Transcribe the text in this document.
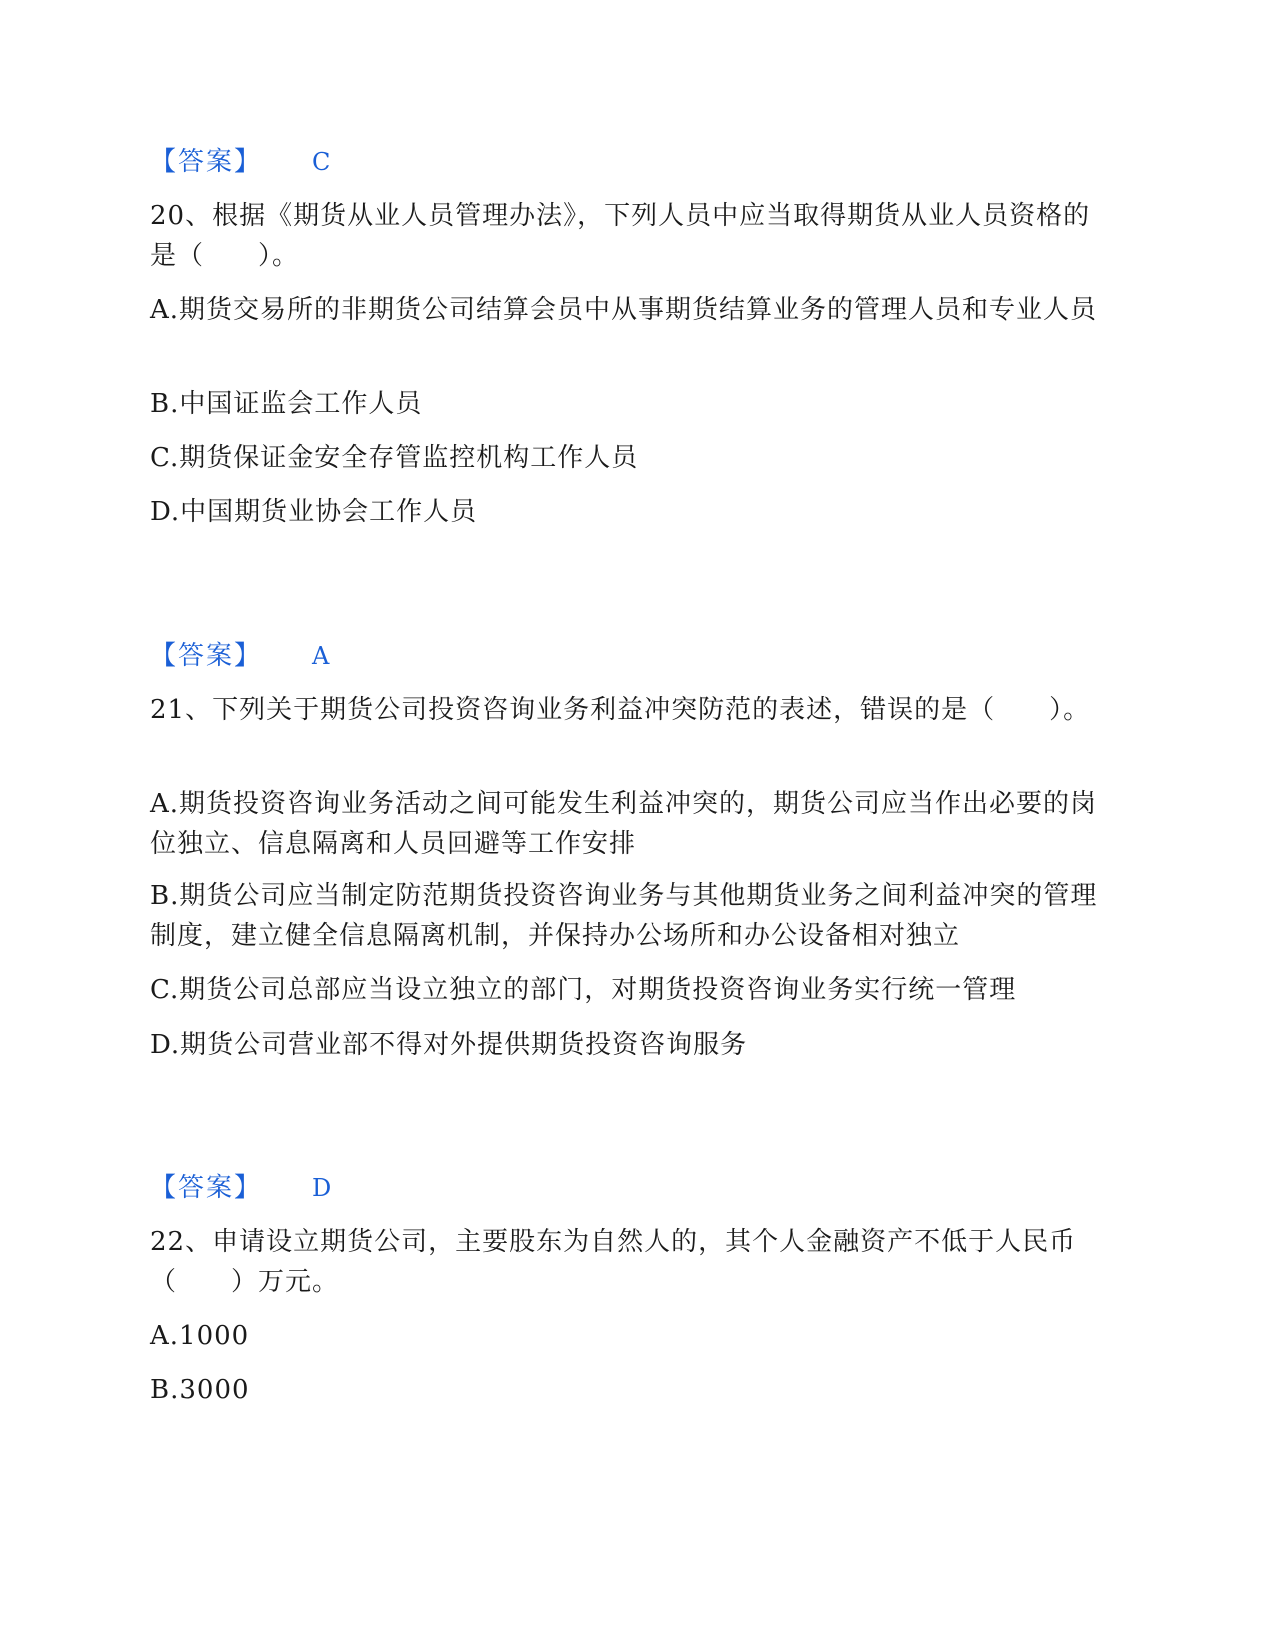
【答案】 C
20、根据《期货从业人员管理办法》，下列人员中应当取得期货从业人员资格的是（　　）。
A.期货交易所的非期货公司结算会员中从事期货结算业务的管理人员和专业人员
B.中国证监会工作人员
C.期货保证金安全存管监控机构工作人员
D.中国期货业协会工作人员
【答案】 A
21、下列关于期货公司投资咨询业务利益冲突防范的表述，错误的是（　　）。
A.期货投资咨询业务活动之间可能发生利益冲突的，期货公司应当作出必要的岗位独立、信息隔离和人员回避等工作安排
B.期货公司应当制定防范期货投资咨询业务与其他期货业务之间利益冲突的管理制度，建立健全信息隔离机制，并保持办公场所和办公设备相对独立
C.期货公司总部应当设立独立的部门，对期货投资咨询业务实行统一管理
D.期货公司营业部不得对外提供期货投资咨询服务
【答案】 D
22、申请设立期货公司，主要股东为自然人的，其个人金融资产不低于人民币（　　）万元。
A.1000
B.3000
